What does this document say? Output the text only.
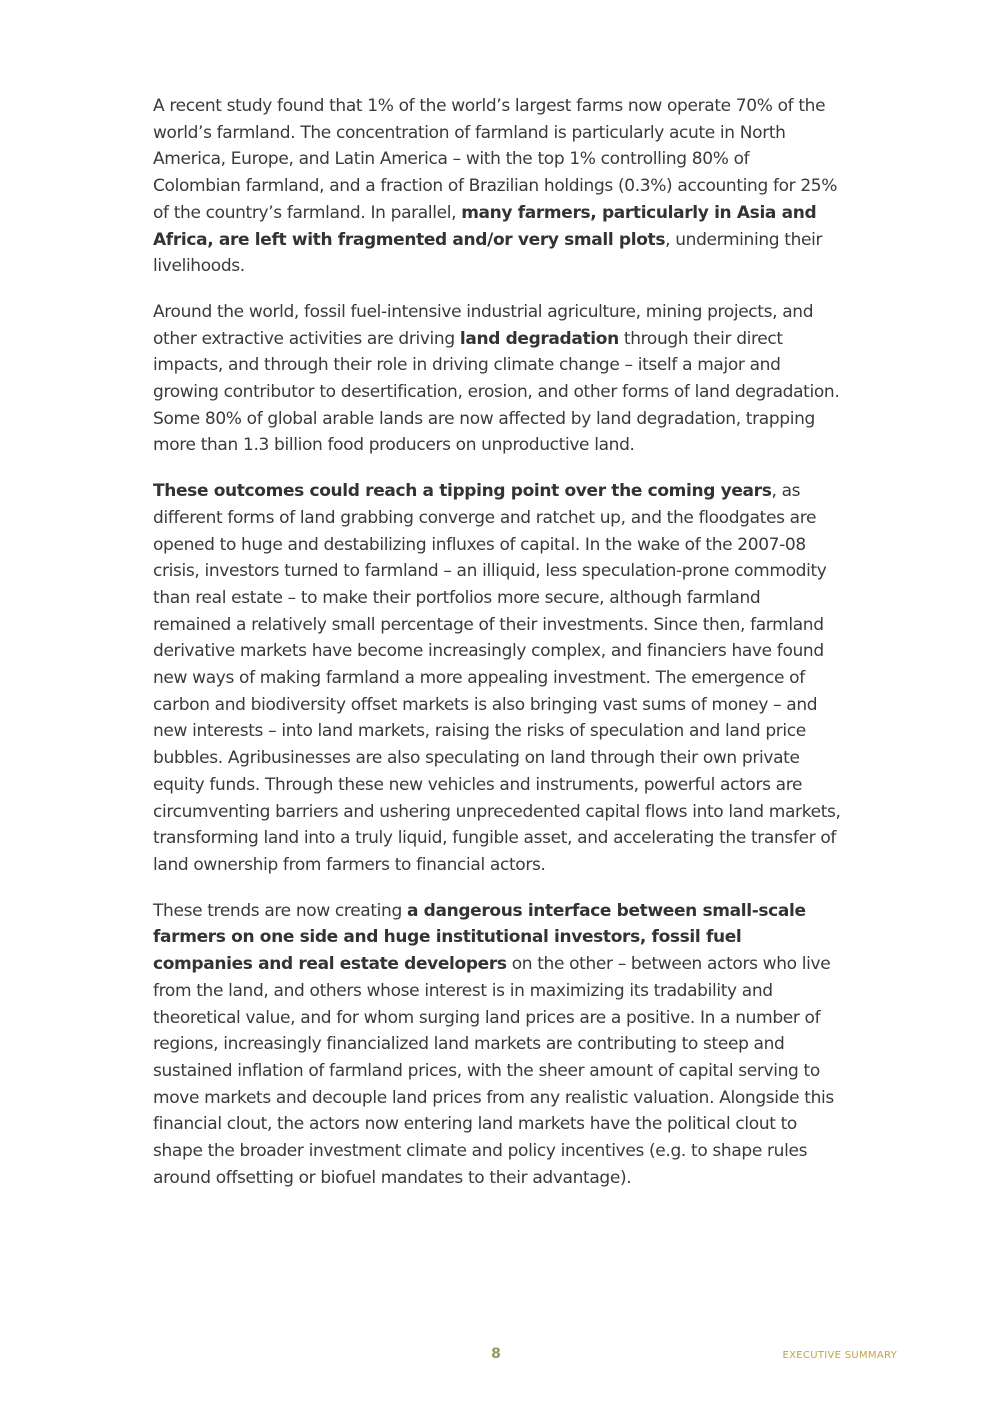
A recent study found that 1% of the world’s largest farms now operate 70% of the world’s farmland. The concentration of farmland is particularly acute in North America, Europe, and Latin America – with the top 1% controlling 80% of Colombian farmland, and a fraction of Brazilian holdings (0.3%) accounting for 25% of the country’s farmland. In parallel, many farmers, particularly in Asia and Africa, are left with fragmented and/or very small plots, undermining their livelihoods.

Around the world, fossil fuel-intensive industrial agriculture, mining projects, and other extractive activities are driving land degradation through their direct impacts, and through their role in driving climate change – itself a major and growing contributor to desertification, erosion, and other forms of land degradation. Some 80% of global arable lands are now affected by land degradation, trapping more than 1.3 billion food producers on unproductive land.

These outcomes could reach a tipping point over the coming years, as different forms of land grabbing converge and ratchet up, and the floodgates are opened to huge and destabilizing influxes of capital. In the wake of the 2007-08 crisis, investors turned to farmland – an illiquid, less speculation-prone commodity than real estate – to make their portfolios more secure, although farmland remained a relatively small percentage of their investments. Since then, farmland derivative markets have become increasingly complex, and financiers have found new ways of making farmland a more appealing investment. The emergence of carbon and biodiversity offset markets is also bringing vast sums of money – and new interests – into land markets, raising the risks of speculation and land price bubbles. Agribusinesses are also speculating on land through their own private equity funds. Through these new vehicles and instruments, powerful actors are circumventing barriers and ushering unprecedented capital flows into land markets, transforming land into a truly liquid, fungible asset, and accelerating the transfer of land ownership from farmers to financial actors.

These trends are now creating a dangerous interface between small-scale farmers on one side and huge institutional investors, fossil fuel companies and real estate developers on the other – between actors who live from the land, and others whose interest is in maximizing its tradability and theoretical value, and for whom surging land prices are a positive. In a number of regions, increasingly financialized land markets are contributing to steep and sustained inflation of farmland prices, with the sheer amount of capital serving to move markets and decouple land prices from any realistic valuation. Alongside this financial clout, the actors now entering land markets have the political clout to shape the broader investment climate and policy incentives (e.g. to shape rules around offsetting or biofuel mandates to their advantage).

8	EXECUTIVE SUMMARY
